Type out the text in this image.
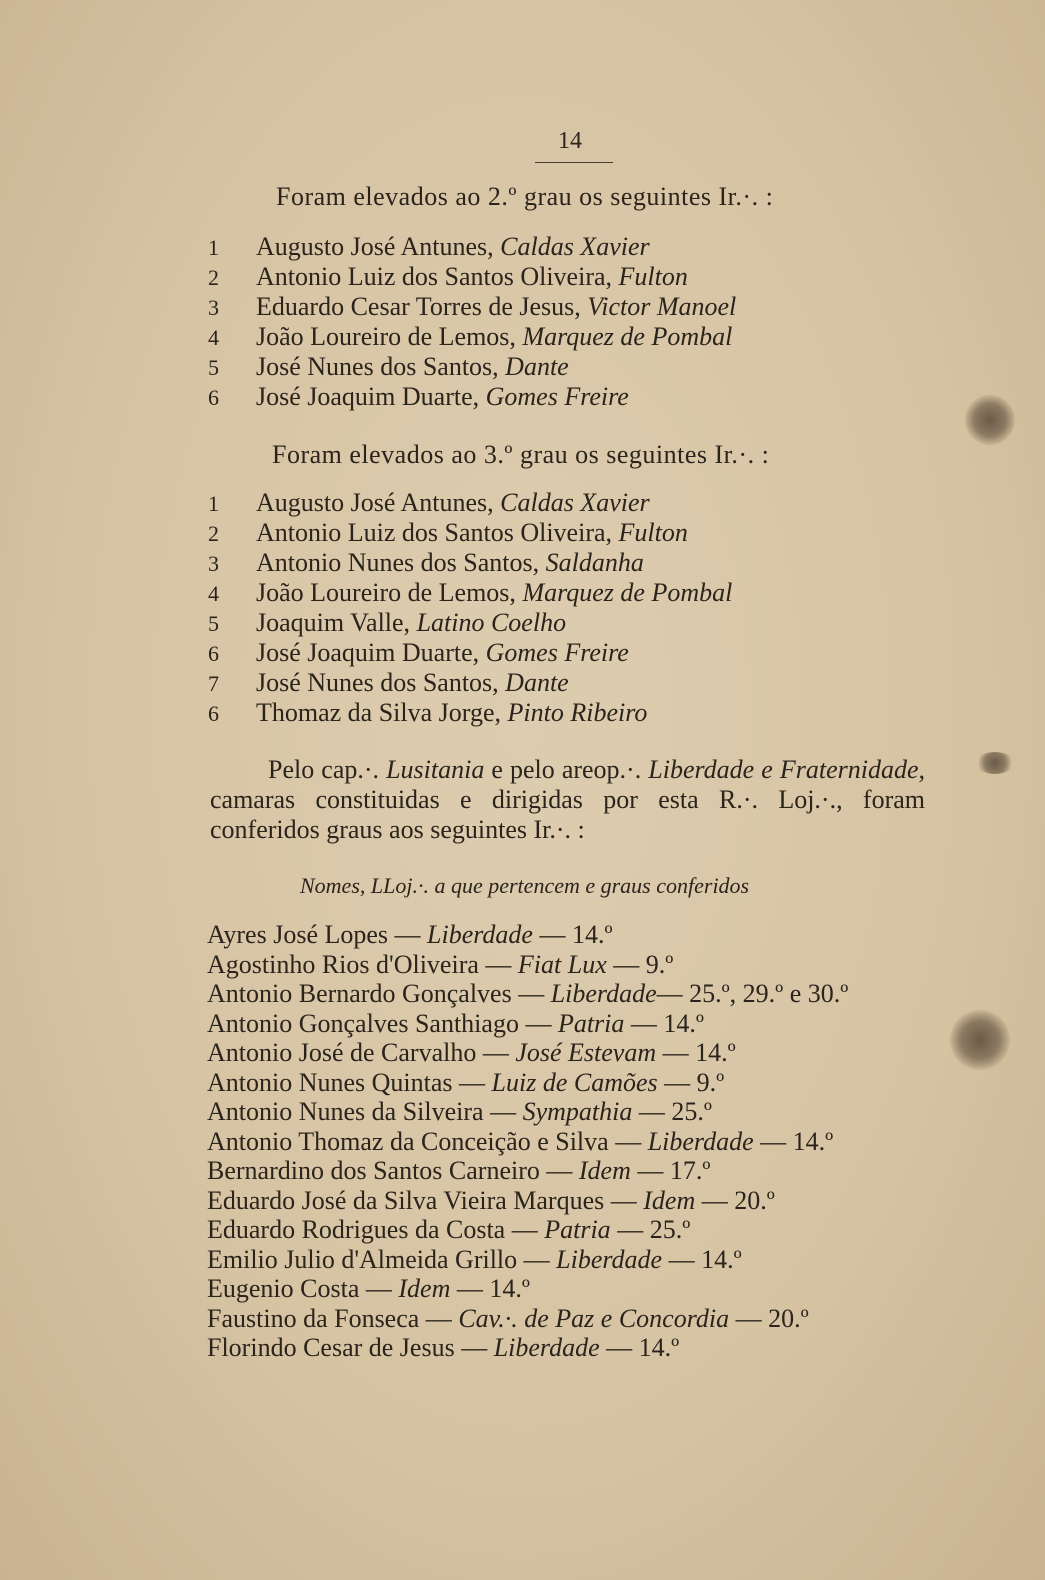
14
Foram elevados ao 2.º grau os seguintes Ir.·. :
1 Augusto José Antunes, Caldas Xavier
2 Antonio Luiz dos Santos Oliveira, Fulton
3 Eduardo Cesar Torres de Jesus, Victor Manoel
4 João Loureiro de Lemos, Marquez de Pombal
5 José Nunes dos Santos, Dante
6 José Joaquim Duarte, Gomes Freire
Foram elevados ao 3.º grau os seguintes Ir.·. :
1 Augusto José Antunes, Caldas Xavier
2 Antonio Luiz dos Santos Oliveira, Fulton
3 Antonio Nunes dos Santos, Saldanha
4 João Loureiro de Lemos, Marquez de Pombal
5 Joaquim Valle, Latino Coelho
6 José Joaquim Duarte, Gomes Freire
7 José Nunes dos Santos, Dante
6 Thomaz da Silva Jorge, Pinto Ribeiro

Pelo cap.·. Lusitania e pelo areop.·. Liberdade e Fraternidade, camaras constituidas e dirigidas por esta R.·. Loj.·., foram conferidos graus aos seguintes Ir.·. :

Nomes, LLoj.·. a que pertencem e graus conferidos
Ayres José Lopes — Liberdade — 14.º
Agostinho Rios d'Oliveira — Fiat Lux — 9.º
Antonio Bernardo Gonçalves — Liberdade— 25.º, 29.º e 30.º
Antonio Gonçalves Santhiago — Patria — 14.º
Antonio José de Carvalho — José Estevam — 14.º
Antonio Nunes Quintas — Luiz de Camões — 9.º
Antonio Nunes da Silveira — Sympathia — 25.º
Antonio Thomaz da Conceição e Silva — Liberdade — 14.º
Bernardino dos Santos Carneiro — Idem — 17.º
Eduardo José da Silva Vieira Marques — Idem — 20.º
Eduardo Rodrigues da Costa — Patria — 25.º
Emilio Julio d'Almeida Grillo — Liberdade — 14.º
Eugenio Costa — Idem — 14.º
Faustino da Fonseca — Cav.·. de Paz e Concordia — 20.º
Florindo Cesar de Jesus — Liberdade — 14.º
